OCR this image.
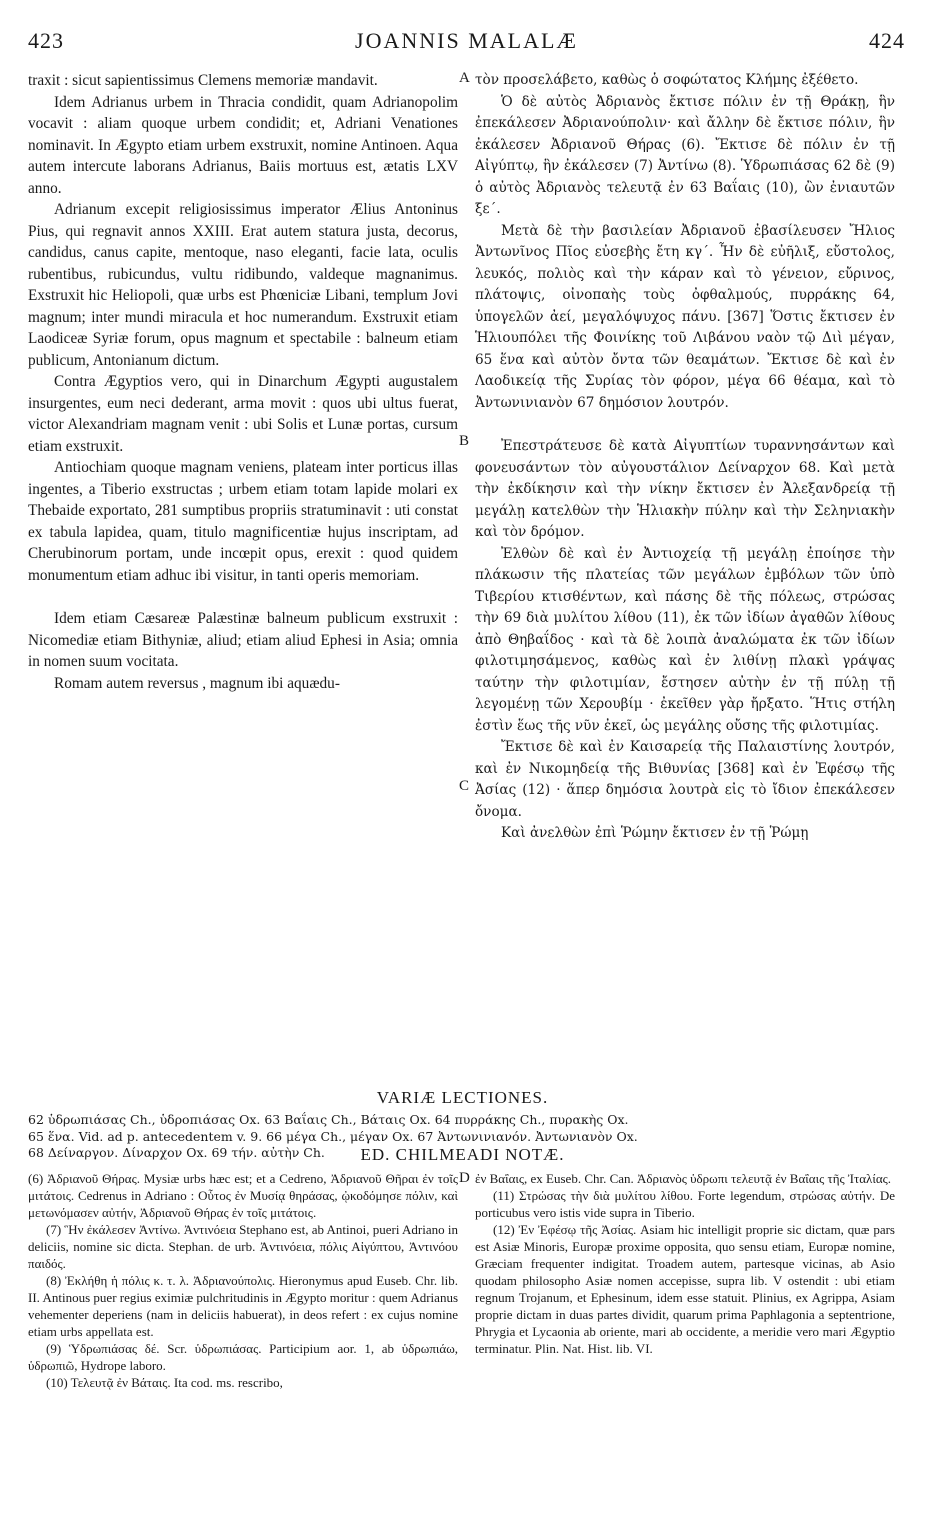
423	JOANNIS MALALÆ	424
A
B
C
D

traxit : sicut sapientissimus Clemens memoriæ mandavit.

Idem Adrianus urbem in Thracia condidit, quam Adrianopolim vocavit : aliam quoque urbem condidit; et, Adriani Venationes nominavit. In Ægypto etiam urbem exstruxit, nomine Antinoen. Aqua autem intercute laborans Adrianus, Baiis mortuus est, ætatis LXV anno.

Adrianum excepit religiosissimus imperator Ælius Antoninus Pius, qui regnavit annos XXIII. Erat autem statura justa, decorus, candidus, canus capite, mentoque, naso eleganti, facie lata, oculis rubentibus, rubicundus, vultu ridibundo, valdeque magnanimus. Exstruxit hic Heliopoli, quæ urbs est Phœniciæ Libani, templum Jovi magnum; inter mundi miracula et hoc numerandum. Exstruxit etiam Laodiceæ Syriæ forum, opus magnum et spectabile : balneum etiam publicum, Antonianum dictum.

Contra Ægyptios vero, qui in Dinarchum Ægypti augustalem insurgentes, eum neci dederant, arma movit : quos ubi ultus fuerat, victor Alexandriam magnam venit : ubi Solis et Lunæ portas, cursum etiam exstruxit.

Antiochiam quoque magnam veniens, plateam inter porticus illas ingentes, a Tiberio exstructas ; urbem etiam totam lapide molari ex Thebaide exportato, 281 sumptibus propriis stratuminavit : uti constat ex tabula lapidea, quam, titulo magnificentiæ hujus inscriptam, ad Cherubinorum portam, unde incœpit opus, erexit : quod quidem monumentum etiam adhuc ibi visitur, in tanti operis memoriam.

Idem etiam Cæsareæ Palæstinæ balneum publicum exstruxit : Nicomediæ etiam Bithyniæ, aliud; etiam aliud Ephesi in Asia; omnia in nomen suum vocitata.

Romam autem reversus , magnum ibi aquædu-

τὸν προσελάβετο, καθὼς ὁ σοφώτατος Κλήμης ἐξέθετο.

Ὁ δὲ αὐτὸς Ἀδριανὸς ἔκτισε πόλιν ἐν τῇ Θράκῃ, ἣν ἐπεκάλεσεν Ἀδριανούπολιν· καὶ ἄλλην δὲ ἔκτισε πόλιν, ἣν ἐκάλεσεν Ἀδριανοῦ Θήρας (6). Ἔκτισε δὲ πόλιν ἐν τῇ Αἰγύπτῳ, ἣν ἐκάλεσεν (7) Ἀντίνω (8). Ὑδρωπιάσας 62 δὲ (9) ὁ αὐτὸς Ἀδριανὸς τελευτᾷ ἐν 63 Βαΐαις (10), ὢν ἐνιαυτῶν ξε΄.

Μετὰ δὲ τὴν βασιλείαν Ἀδριανοῦ ἐβασίλευσεν Ἤλιος Ἀντωνῖνος Πῖος εὐσεβὴς ἔτη κγ΄. Ἦν δὲ εὐῆλιξ, εὔστολος, λευκός, πολιὸς καὶ τὴν κάραν καὶ τὸ γένειον, εὔρινος, πλάτοψις, οἰνοπαὴς τοὺς ὀφθαλμούς, πυρράκης 64, ὑπογελῶν ἀεί, μεγαλόψυχος πάνυ. [367] Ὅστις ἔκτισεν ἐν Ἡλιουπόλει τῆς Φοινίκης τοῦ Λιβάνου ναὸν τῷ Διὶ μέγαν, 65 ἕνα καὶ αὐτὸν ὄντα τῶν θεαμάτων. Ἔκτισε δὲ καὶ ἐν Λαοδικείᾳ τῆς Συρίας τὸν φόρον, μέγα 66 θέαμα, καὶ τὸ Ἀντωνινιανὸν 67 δημόσιον λουτρόν.

Ἐπεστράτευσε δὲ κατὰ Αἰγυπτίων τυραννησάντων καὶ φονευσάντων τὸν αὐγουστάλιον Δείναρχον 68. Καὶ μετὰ τὴν ἐκδίκησιν καὶ τὴν νίκην ἔκτισεν ἐν Ἀλεξανδρείᾳ τῇ μεγάλῃ κατελθὼν τὴν Ἡλιακὴν πύλην καὶ τὴν Σεληνιακὴν καὶ τὸν δρόμον.

Ἐλθὼν δὲ καὶ ἐν Ἀντιοχείᾳ τῇ μεγάλῃ ἐποίησε τὴν πλάκωσιν τῆς πλατείας τῶν μεγάλων ἐμβόλων τῶν ὑπὸ Τιβερίου κτισθέντων, καὶ πάσης δὲ τῆς πόλεως, στρώσας τὴν 69 διὰ μυλίτου λίθου (11), ἐκ τῶν ἰδίων ἀγαθῶν λίθους ἀπὸ Θηβαΐδος · καὶ τὰ δὲ λοιπὰ ἀναλώματα ἐκ τῶν ἰδίων φιλοτιμησάμενος, καθὼς καὶ ἐν λιθίνῃ πλακὶ γράψας ταύτην τὴν φιλοτιμίαν, ἔστησεν αὐτὴν ἐν τῇ πύλῃ τῇ λεγομένῃ τῶν Χερουβίμ · ἐκεῖθεν γὰρ ἤρξατο. Ἥτις στήλη ἐστὶν ἕως τῆς νῦν ἐκεῖ, ὡς μεγάλης οὔσης τῆς φιλοτιμίας.

Ἔκτισε δὲ καὶ ἐν Καισαρείᾳ τῆς Παλαιστίνης λουτρόν, καὶ ἐν Νικομηδείᾳ τῆς Βιθυνίας [368] καὶ ἐν Ἐφέσῳ τῆς Ἀσίας (12) · ἅπερ δημόσια λουτρὰ εἰς τὸ ἴδιον ἐπεκάλεσεν ὄνομα.

Καὶ ἀνελθὼν ἐπὶ Ῥώμην ἔκτισεν ἐν τῇ Ῥώμῃ

VARIÆ LECTIONES.
62 ὑδρωπιάσας Ch., ὑδροπιάσας Ox. 63 Βαΐαις Ch., Βάταις Ox. 64 πυρράκης Ch., πυρακὴς Ox.
65 ἕνα. Vid. ad p. antecedentem v. 9. 66 μέγα Ch., μέγαν Ox. 67 Ἀντωνινιανόν. Ἀντωνιανὸν Ox.
68 Δείναργον. Δίναρχον Ox. 69 τήν. αὐτὴν Ch.	ED. CHILMEADI NOTÆ.

(6) Ἀδριανοῦ Θήρας. Mysiæ urbs hæc est; et a Cedreno, Ἀδριανοῦ Θῆραι ἐν τοῖς μιτάτοις. Cedrenus in Adriano : Οὗτος ἐν Μυσίᾳ θηράσας, ᾠκοδόμησε πόλιν, καὶ μετωνόμασεν αὐτήν, Ἀδριανοῦ Θήρας ἐν τοῖς μιτάτοις.

(7) Ἣν ἐκάλεσεν Ἀντίνω. Ἀντινόεια Stephano est, ab Antinoi, pueri Adriano in deliciis, nomine sic dicta. Stephan. de urb. Ἀντινόεια, πόλις Αἰγύπτου, Ἀντινόου παιδός.

(8) Ἐκλήθη ἡ πόλις κ. τ. λ. Ἀδριανούπολις. Hieronymus apud Euseb. Chr. lib. II. Antinous puer regius eximiæ pulchritudinis in Ægypto moritur : quem Adrianus vehementer deperiens (nam in deliciis habuerat), in deos refert : ex cujus nomine etiam urbs appellata est.

(9) Ὑδρωπιάσας δέ. Scr. ὑδρωπιάσας. Participium aor. 1, ab ὑδρωπιάω, ὑδρωπιῶ, Hydrope laboro.

(10) Τελευτᾷ ἐν Βάταις. Ita cod. ms. rescribo,

ἐν Βαΐαις, ex Euseb. Chr. Can. Ἀδριανὸς ὑδρωπι τελευτᾷ ἐν Βαΐαις τῆς Ἰταλίας.

(11) Στρώσας τὴν διὰ μυλίτου λίθου. Forte legendum, στρώσας αὐτήν. De porticubus vero istis vide supra in Tiberio.

(12) Ἐν Ἐφέσῳ τῆς Ἀσίας. Asiam hic intelligit proprie sic dictam, quæ pars est Asiæ Minoris, Europæ proxime opposita, quo sensu etiam, Europæ nomine, Græciam frequenter indigitat. Troadem autem, partesque vicinas, ab Asio quodam philosopho Asiæ nomen accepisse, supra lib. V ostendit : ubi etiam regnum Trojanum, et Ephesinum, idem esse statuit. Plinius, ex Agrippa, Asiam proprie dictam in duas partes dividit, quarum prima Paphlagonia a septentrione, Phrygia et Lycaonia ab oriente, mari ab occidente, a meridie vero mari Ægyptio terminatur. Plin. Nat. Hist. lib. VI.
